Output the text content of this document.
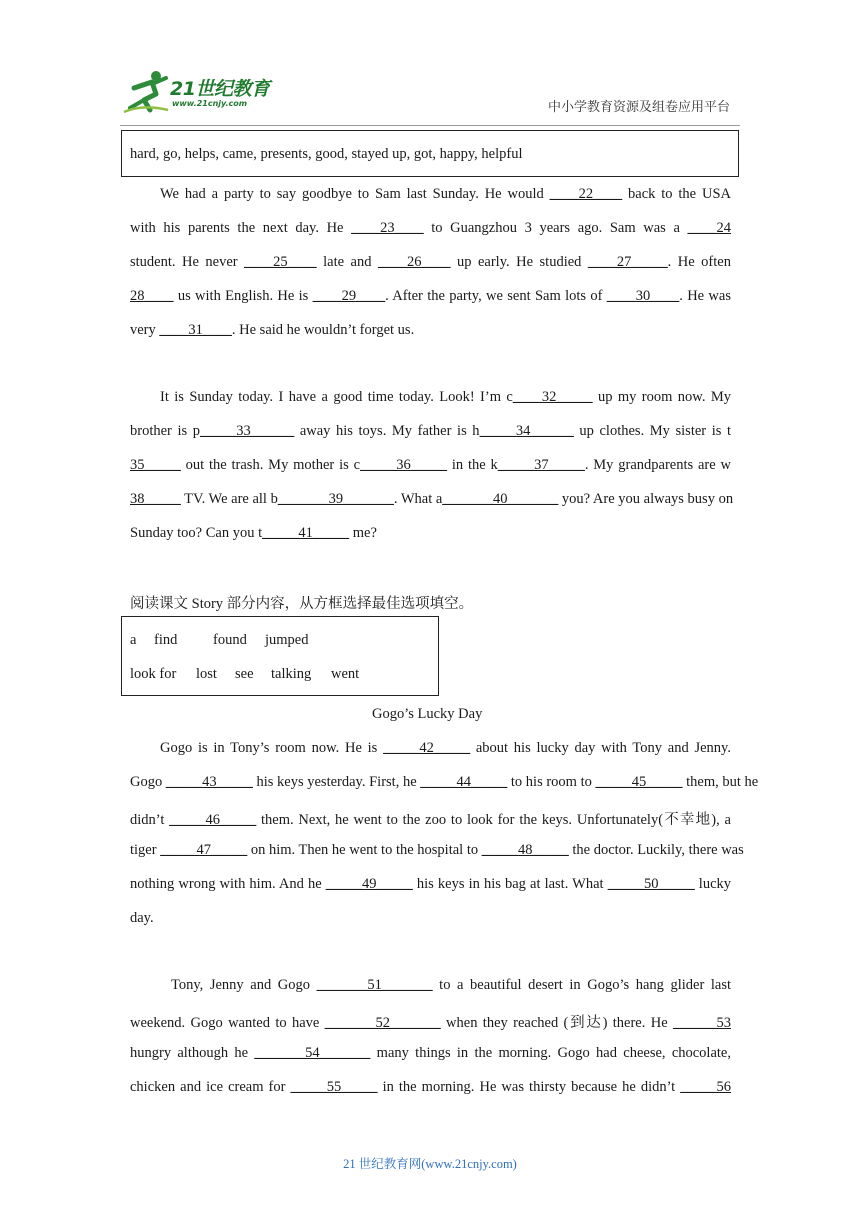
21世纪教育
www.21cnjy.com	中小学教育资源及组卷应用平台
hard, go, helps, came, presents, good, stayed up, got, happy, helpful
We had a party to say goodbye to Sam last Sunday. He would ____22____ back to the USA
with his parents the next day. He ____23____ to Guangzhou 3 years ago. Sam was a ____24
student. He never ____25____ late and ____26____ up early. He studied ____27_____. He often
28____ us with English. He is ____29____. After the party, we sent Sam lots of ____30____. He was
very ____31____. He said he wouldn’t forget us.
It is Sunday today. I have a good time today. Look! I’m c____32_____ up my room now. My
brother is p_____33______ away his toys. My father is h_____34______ up clothes. My sister is t
35_____ out the trash. My mother is c_____36_____ in the k_____37_____. My grandparents are w
38_____ TV. We are all b_______39_______. What a_______40_______ you? Are you always busy on
Sunday too? Can you t_____41_____ me?
阅读课文 Story 部分内容，从方框选择最佳选项填空。
a find found jumped
look for lost see talking went
Gogo’s Lucky Day
Gogo is in Tony’s room now. He is _____42_____ about his lucky day with Tony and Jenny.
Gogo _____43_____ his keys yesterday. First, he _____44_____ to his room to _____45_____ them, but he
didn’t _____46_____ them. Next, he went to the zoo to look for the keys. Unfortunately(不幸地), a
tiger _____47_____ on him. Then he went to the hospital to _____48_____ the doctor. Luckily, there was
nothing wrong with him. And he _____49_____ his keys in his bag at last. What _____50_____ lucky
day.
Tony, Jenny and Gogo _______51_______ to a beautiful desert in Gogo’s hang glider last
weekend. Gogo wanted to have _______52_______ when they reached (到达) there. He ______53
hungry although he _______54_______ many things in the morning. Gogo had cheese, chocolate,
chicken and ice cream for _____55_____ in the morning. He was thirsty because he didn’t _____56
21 世纪教育网(www.21cnjy.com)
